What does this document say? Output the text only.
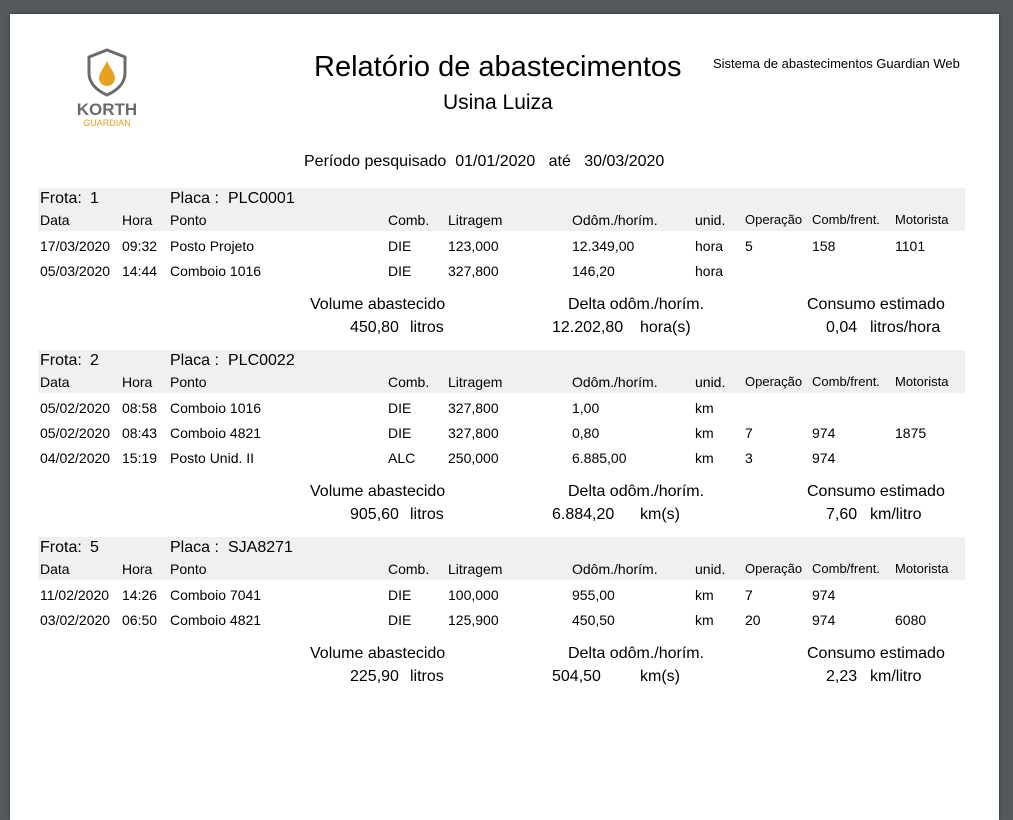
KORTH
GUARDIAN
Relatório de abastecimentos
Usina Luiza
Sistema de abastecimentos Guardian Web
Período pesquisado 01/01/2020 até 30/03/2020
Frota: 1	Placa : PLC0001
Data	Hora Ponto	Comb. Litragem	Odôm./horím.	unid. Operação Comb/frent. Motorista
17/03/2020 09:32 Posto Projeto	DIE	123,000	12.349,00	hora 5	158	1101
05/03/2020 14:44 Comboio 1016	DIE	327,800	146,20	hora
Volume abastecido
450,80 litros
Delta odôm./horím.
12.202,80 hora(s)
Consumo estimado
0,04 litros/hora
Frota: 2	Placa : PLC0022
Data	Hora Ponto	Comb. Litragem	Odôm./horím.	unid. Operação Comb/frent. Motorista
05/02/2020 08:58 Comboio 1016	DIE	327,800	1,00	km
05/02/2020 08:43 Comboio 4821	DIE	327,800	0,80	km 7	974	1875
04/02/2020 15:19 Posto Unid. II	ALC 250,000	6.885,00	km 3	974
Volume abastecido
905,60 litros
Delta odôm./horím.
6.884,20 km(s)
Consumo estimado
7,60 km/litro
Frota: 5	Placa : SJA8271
Data	Hora Ponto	Comb. Litragem	Odôm./horím.	unid. Operação Comb/frent. Motorista
11/02/2020 14:26 Comboio 7041	DIE	100,000	955,00	km 7	974
03/02/2020 06:50 Comboio 4821	DIE	125,900	450,50	km 20	974	6080
Volume abastecido
225,90 litros
Delta odôm./horím.
504,50 km(s)
Consumo estimado
2,23 km/litro
